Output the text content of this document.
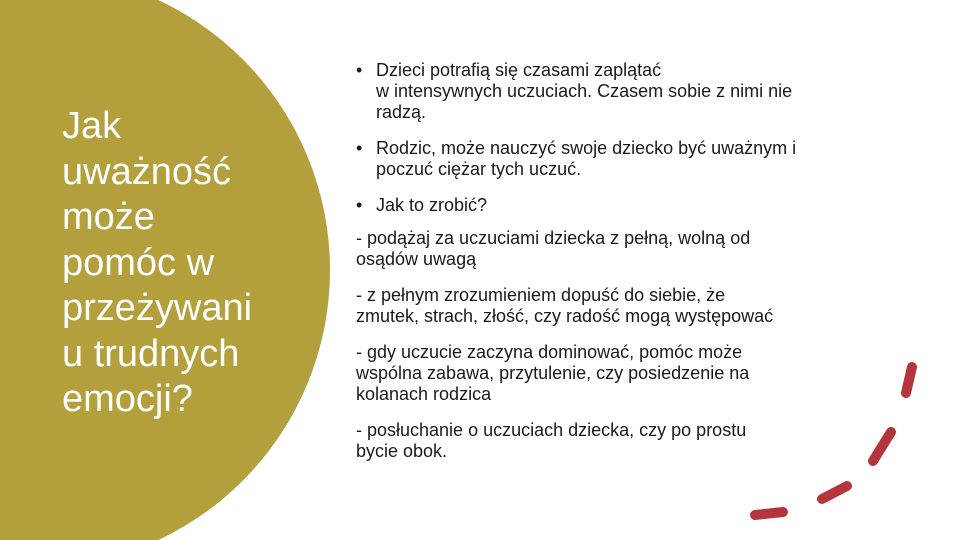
Jak
uważność
może
pomóc w
przeżywani
u trudnych
emocji?
• Dzieci potrafią się czasami zaplątać
w intensywnych uczuciach. Czasem sobie z nimi nie
radzą.
• Rodzic, może nauczyć swoje dziecko być uważnym i
poczuć ciężar tych uczuć.
• Jak to zrobić?

- podążaj za uczuciami dziecka z pełną, wolną od
osądów uwagą

- z pełnym zrozumieniem dopuść do siebie, że
zmutek, strach, złość, czy radość mogą występować

- gdy uczucie zaczyna dominować, pomóc może
wspólna zabawa, przytulenie, czy posiedzenie na
kolanach rodzica

- posłuchanie o uczuciach dziecka, czy po prostu
bycie obok.
